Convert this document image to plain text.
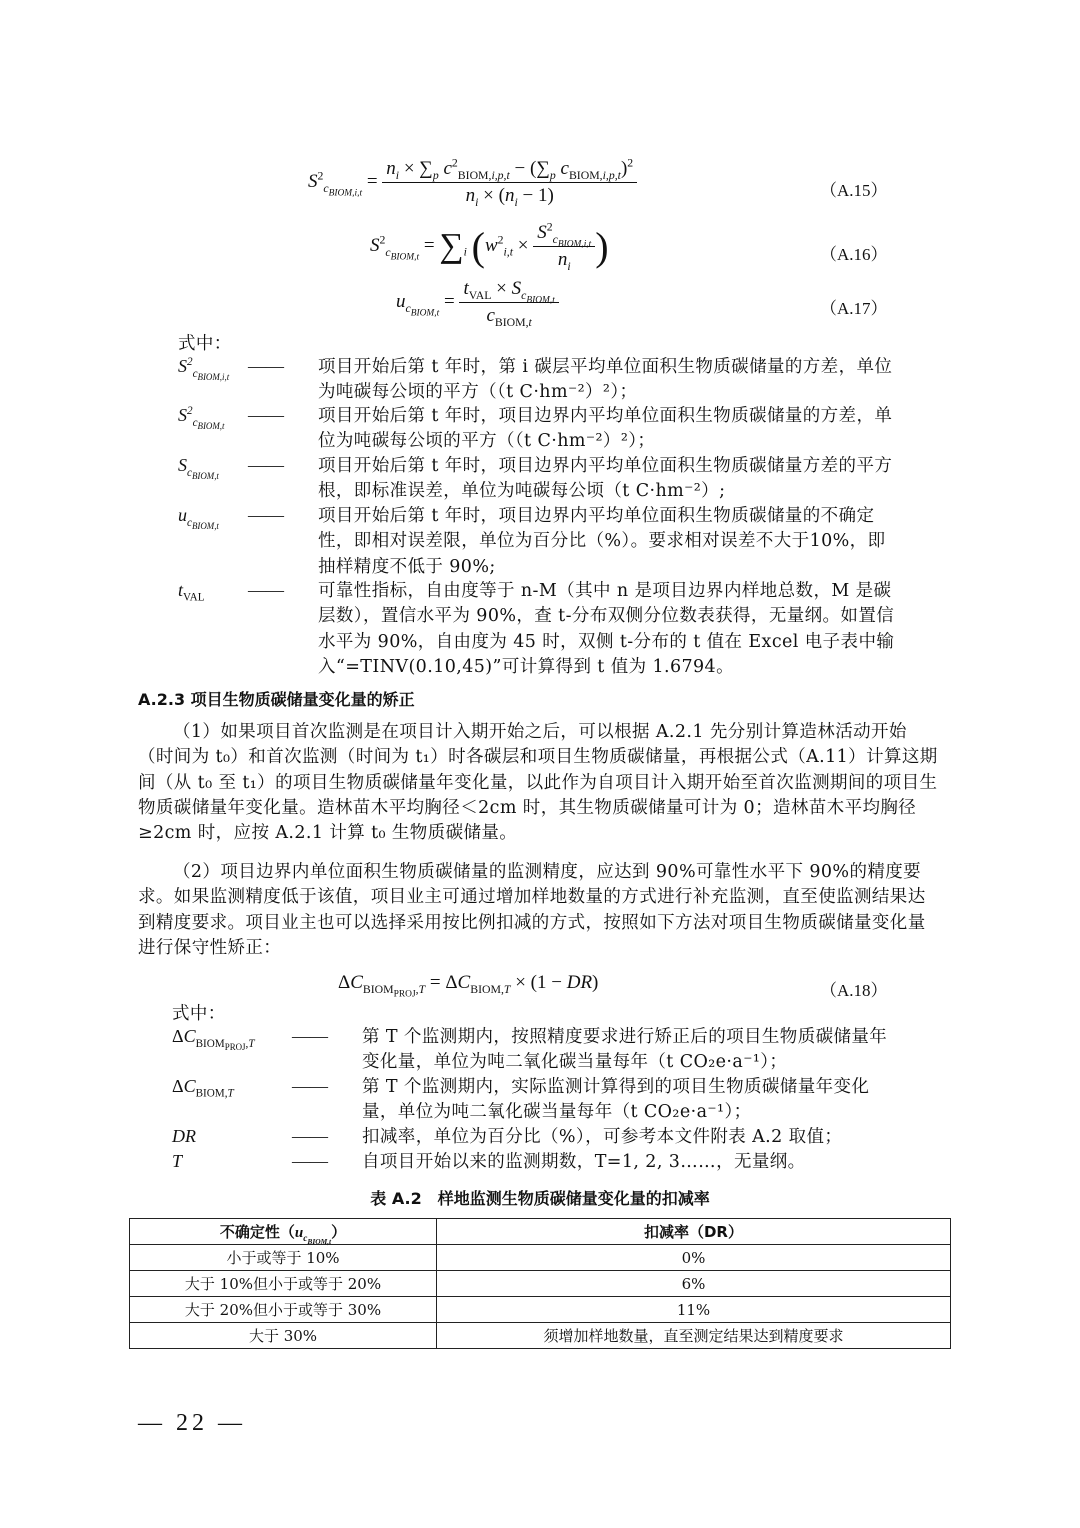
$S^2_{c_{BIOM,i,t}} = \frac{n_i \times \sum_p c^2_{BIOM,i,p,t} - (\sum_p c_{BIOM,i,p,t})^2}{n_i \times (n_i - 1)}$	（A.15）
$S^2_{c_{BIOM,t}} = \sum_i$ ($w^2_{i,t} \times \frac{S^2_{c_{BIOM,i,t}}}{n_i}$ )	（A.16）
$u_{c_{BIOM,t}} = \frac{t_{VAL} \times S_{c_{BIOM,t}}}{c_{BIOM,t}}$	（A.17）
式中：
$S^2_{c_{BIOM,i,t}}$
—— 项目开始后第 t 年时，第 i 碳层平均单位面积生物质碳储量的方差，单位为吨碳每公顷的平方（（t C·hm⁻²）²）；
$S^2_{c_{BIOM,t}}$
—— 项目开始后第 t 年时，项目边界内平均单位面积生物质碳储量的方差，单位为吨碳每公顷的平方（（t C·hm⁻²）²）；
$S_{c_{BIOM,t}}$
—— 项目开始后第 t 年时，项目边界内平均单位面积生物质碳储量方差的平方根，即标准误差，单位为吨碳每公顷（t C·hm⁻²）;
$u_{c_{BIOM,t}}$
—— 项目开始后第 t 年时，项目边界内平均单位面积生物质碳储量的不确定性，即相对误差限，单位为百分比（%）。要求相对误差不大于10%，即抽样精度不低于 90%;
$t_{VAL}$ —— 可靠性指标，自由度等于 n-M（其中 n 是项目边界内样地总数，M 是碳层数），置信水平为 90%，查 t-分布双侧分位数表获得，无量纲。如置信水平为 90%，自由度为 45 时，双侧 t-分布的 t 值在 Excel 电子表中输入“=TINV(0.10,45)”可计算得到 t 值为 1.6794。
A.2.3 项目生物质碳储量变化量的矫正
（1）如果项目首次监测是在项目计入期开始之后，可以根据 A.2.1 先分别计算造林活动开始（时间为 t₀）和首次监测（时间为 t₁）时各碳层和项目生物质碳储量，再根据公式（A.11）计算这期间（从 t₀ 至 t₁）的项目生物质碳储量年变化量，以此作为自项目计入期开始至首次监测期间的项目生物质碳储量年变化量。造林苗木平均胸径＜2cm 时，其生物质碳储量可计为 0；造林苗木平均胸径≥2cm 时，应按 A.2.1 计算 t₀ 生物质碳储量。
（2）项目边界内单位面积生物质碳储量的监测精度，应达到 90%可靠性水平下 90%的精度要求。如果监测精度低于该值，项目业主可通过增加样地数量的方式进行补充监测，直至使监测结果达到精度要求。项目业主也可以选择采用按比例扣减的方式，按照如下方法对项目生物质碳储量变化量进行保守性矫正：
$\Delta C_{BIOM_{PROJ},T} = \Delta C_{BIOM,T} \times (1 - DR)$	（A.18）
式中：
$\Delta C_{BIOM_{PROJ},T}$ —— 第 T 个监测期内，按照精度要求进行矫正后的项目生物质碳储量年变化量，单位为吨二氧化碳当量每年（t CO₂e·a⁻¹）；
$\Delta C_{BIOM,T}$	—— 第 T 个监测期内，实际监测计算得到的项目生物质碳储量年变化量，单位为吨二氧化碳当量每年（t CO₂e·a⁻¹）；
DR	—— 扣减率，单位为百分比（%），可参考本文件附表 A.2 取值；
T	—— 自项目开始以来的监测期数，T=1, 2, 3……，无量纲。
表 A.2　样地监测生物质碳储量变化量的扣减率
不确定性$(u_{c_{BIOM,t}})$	扣减率（DR）
小于或等于 10%	0%
大于 10%但小于或等于 20%	6%
大于 20%但小于或等于 30%	11%
大于 30%	须增加样地数量，直至测定结果达到精度要求
— 22 —
